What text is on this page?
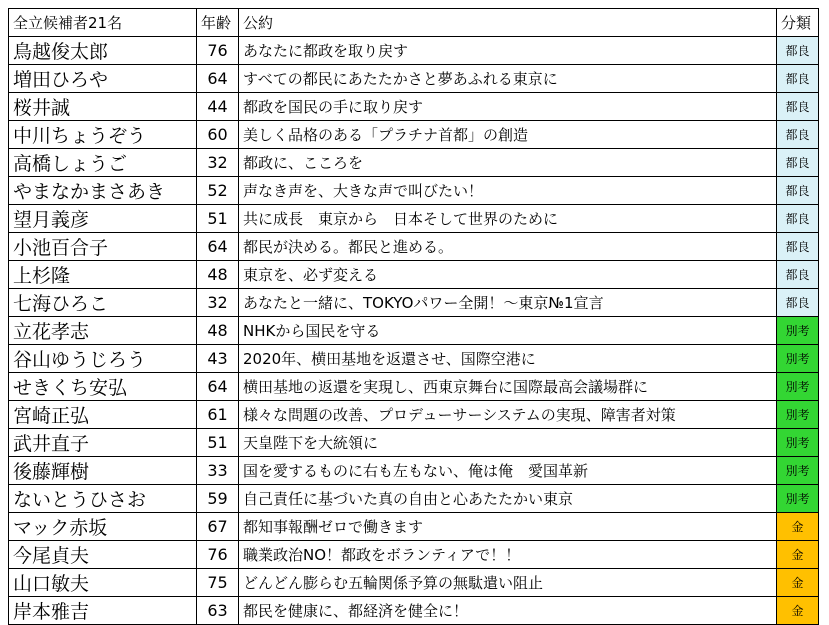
全立候補者21名	年齢	公約	分類
鳥越俊太郎	76	あなたに都政を取り戻す	都良
増田ひろや	64	すべての都民にあたたかさと夢あふれる東京に	都良
桜井誠	44	都政を国民の手に取り戻す	都良
中川ちょうぞう	60	美しく品格のある「プラチナ首都」の創造	都良
高橋しょうご	32	都政に、こころを	都良
やまなかまさあき	52	声なき声を、大きな声で叫びたい！	都良
望月義彦	51	共に成長　東京から　日本そして世界のために	都良
小池百合子	64	都民が決める。都民と進める。	都良
上杉隆	48	東京を、必ず変える	都良
七海ひろこ	32	あなたと一緒に、TOKYOパワー全開！～東京№1宣言	都良
立花孝志	48	NHKから国民を守る	別考
谷山ゆうじろう	43	2020年、横田基地を返還させ、国際空港に	別考
せきくち安弘	64	横田基地の返還を実現し、西東京舞台に国際最高会議場群に	別考
宮崎正弘	61	様々な問題の改善、プロデューサーシステムの実現、障害者対策	別考
武井直子	51	天皇陛下を大統領に	別考
後藤輝樹	33	国を愛するものに右も左もない、俺は俺　愛国革新	別考
ないとうひさお	59	自己責任に基づいた真の自由と心あたたかい東京	別考
マック赤坂	67	都知事報酬ゼロで働きます	金
今尾貞夫	76	職業政治NO！都政をボランティアで！！	金
山口敏夫	75	どんどん膨らむ五輪関係予算の無駄遣い阻止	金
岸本雅吉	63	都民を健康に、都経済を健全に！	金
